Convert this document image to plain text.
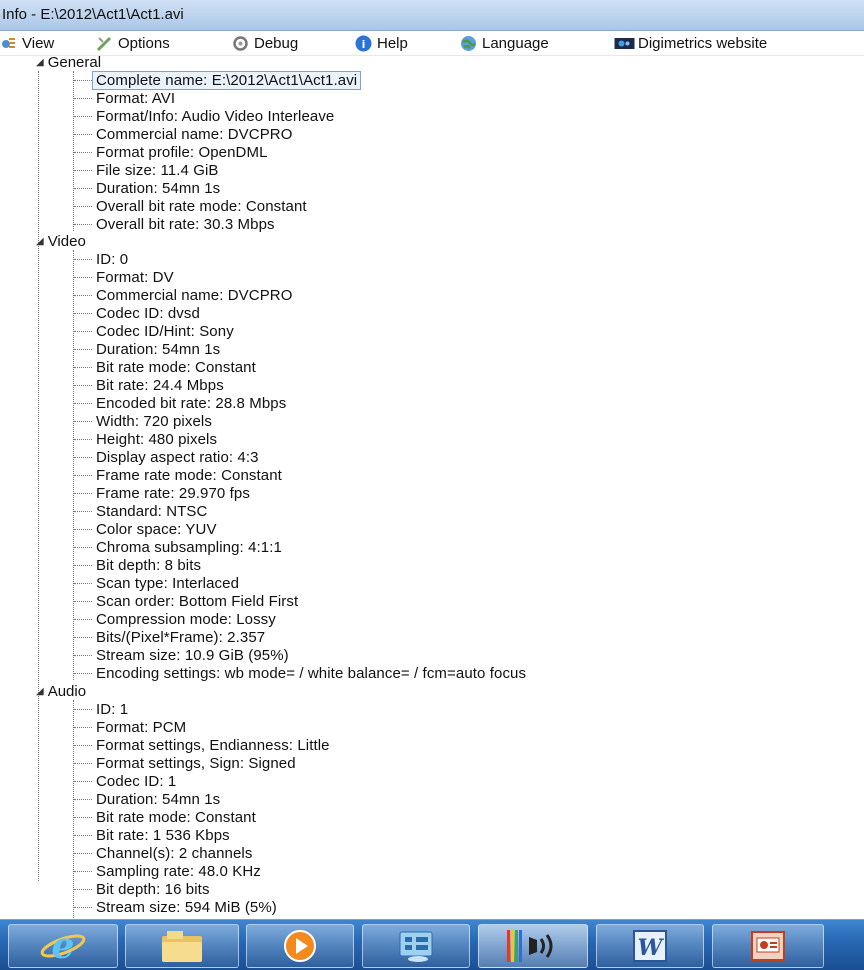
Info - E:\2012\Act1\Act1.avi
View	Options	Debug	i Help	Language	Digimetrics website
◢ General
Complete name: E:\2012\Act1\Act1.avi
Format: AVI
Format/Info: Audio Video Interleave
Commercial name: DVCPRO
Format profile: OpenDML
File size: 11.4 GiB
Duration: 54mn 1s
Overall bit rate mode: Constant
Overall bit rate: 30.3 Mbps
◢ Video
ID: 0
Format: DV
Commercial name: DVCPRO
Codec ID: dvsd
Codec ID/Hint: Sony
Duration: 54mn 1s
Bit rate mode: Constant
Bit rate: 24.4 Mbps
Encoded bit rate: 28.8 Mbps
Width: 720 pixels
Height: 480 pixels
Display aspect ratio: 4:3
Frame rate mode: Constant
Frame rate: 29.970 fps
Standard: NTSC
Color space: YUV
Chroma subsampling: 4:1:1
Bit depth: 8 bits
Scan type: Interlaced
Scan order: Bottom Field First
Compression mode: Lossy
Bits/(Pixel*Frame): 2.357
Stream size: 10.9 GiB (95%)
Encoding settings: wb mode= / white balance= / fcm=auto focus
◢ Audio
ID: 1
Format: PCM
Format settings, Endianness: Little
Format settings, Sign: Signed
Codec ID: 1
Duration: 54mn 1s
Bit rate mode: Constant
Bit rate: 1 536 Kbps
Channel(s): 2 channels
Sampling rate: 48.0 KHz
Bit depth: 16 bits
Stream size: 594 MiB (5%)
e	W
